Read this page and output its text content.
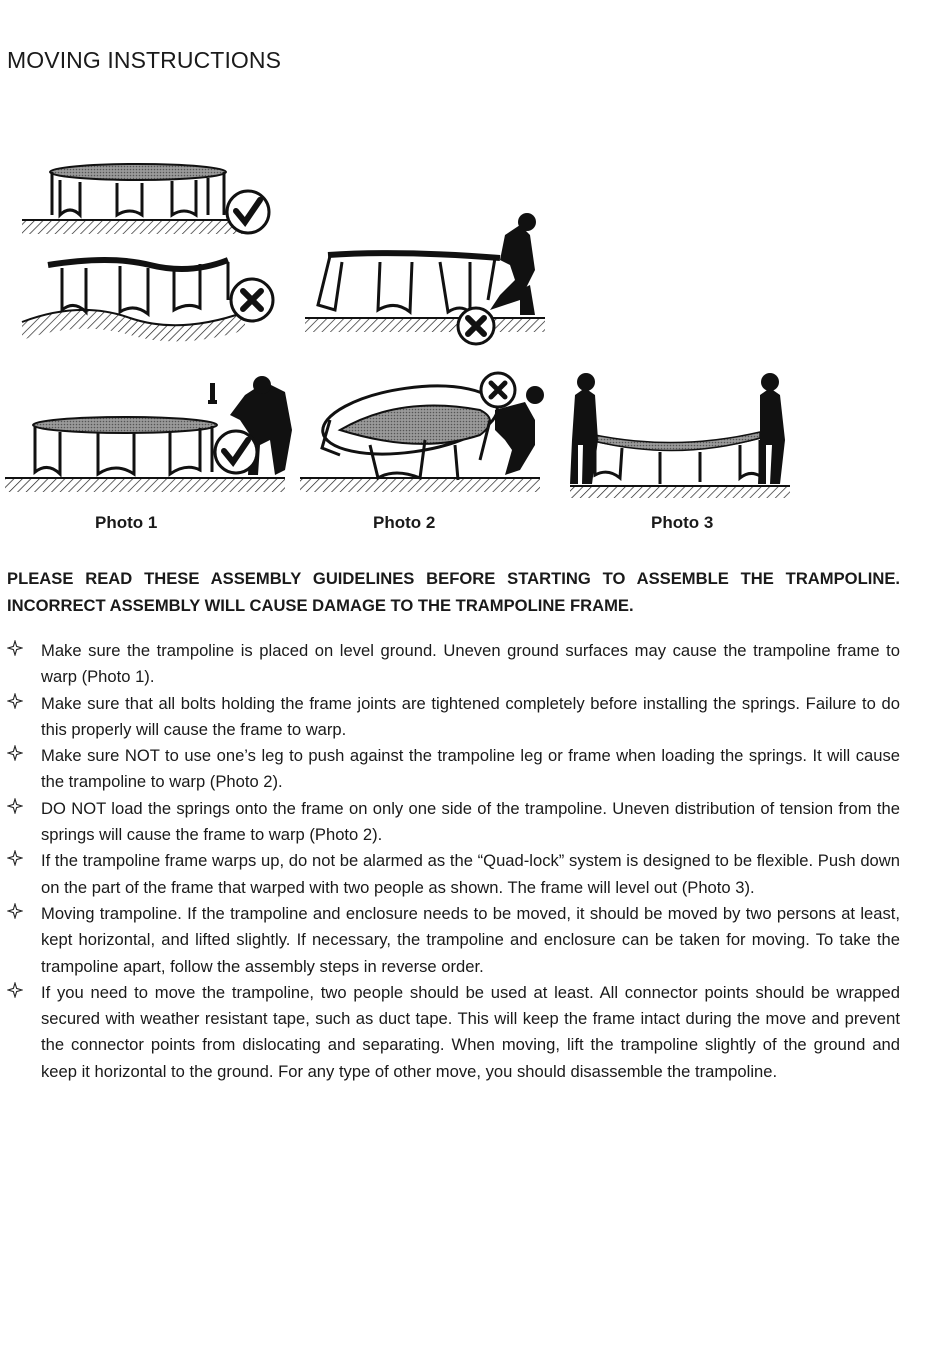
MOVING INSTRUCTIONS
Photo 1	Photo 2	Photo 3
PLEASE READ THESE ASSEMBLY GUIDELINES BEFORE STARTING TO ASSEMBLE THE TRAMPOLINE.
INCORRECT ASSEMBLY WILL CAUSE DAMAGE TO THE TRAMPOLINE FRAME.
Make sure the trampoline is placed on level ground. Uneven ground surfaces may cause the trampoline frame to warp (Photo 1).
Make sure that all bolts holding the frame joints are tightened completely before installing the springs. Failure to do this properly will cause the frame to warp.
Make sure NOT to use one’s leg to push against the trampoline leg or frame when loading the springs. It will cause the trampoline to warp (Photo 2).
DO NOT load the springs onto the frame on only one side of the trampoline. Uneven distribution of tension from the springs will cause the frame to warp (Photo 2).
If the trampoline frame warps up, do not be alarmed as the “Quad-lock” system is designed to be flexible. Push down on the part of the frame that warped with two people as shown. The frame will level out (Photo 3).
Moving trampoline. If the trampoline and enclosure needs to be moved, it should be moved by two persons at least, kept horizontal, and lifted slightly. If necessary, the trampoline and enclosure can be taken for moving. To take the trampoline apart, follow the assembly steps in reverse order.
If you need to move the trampoline, two people should be used at least. All connector points should be wrapped secured with weather resistant tape, such as duct tape. This will keep the frame intact during the move and prevent the connector points from dislocating and separating. When moving, lift the trampoline slightly of the ground and keep it horizontal to the ground. For any type of other move, you should disassemble the trampoline.
